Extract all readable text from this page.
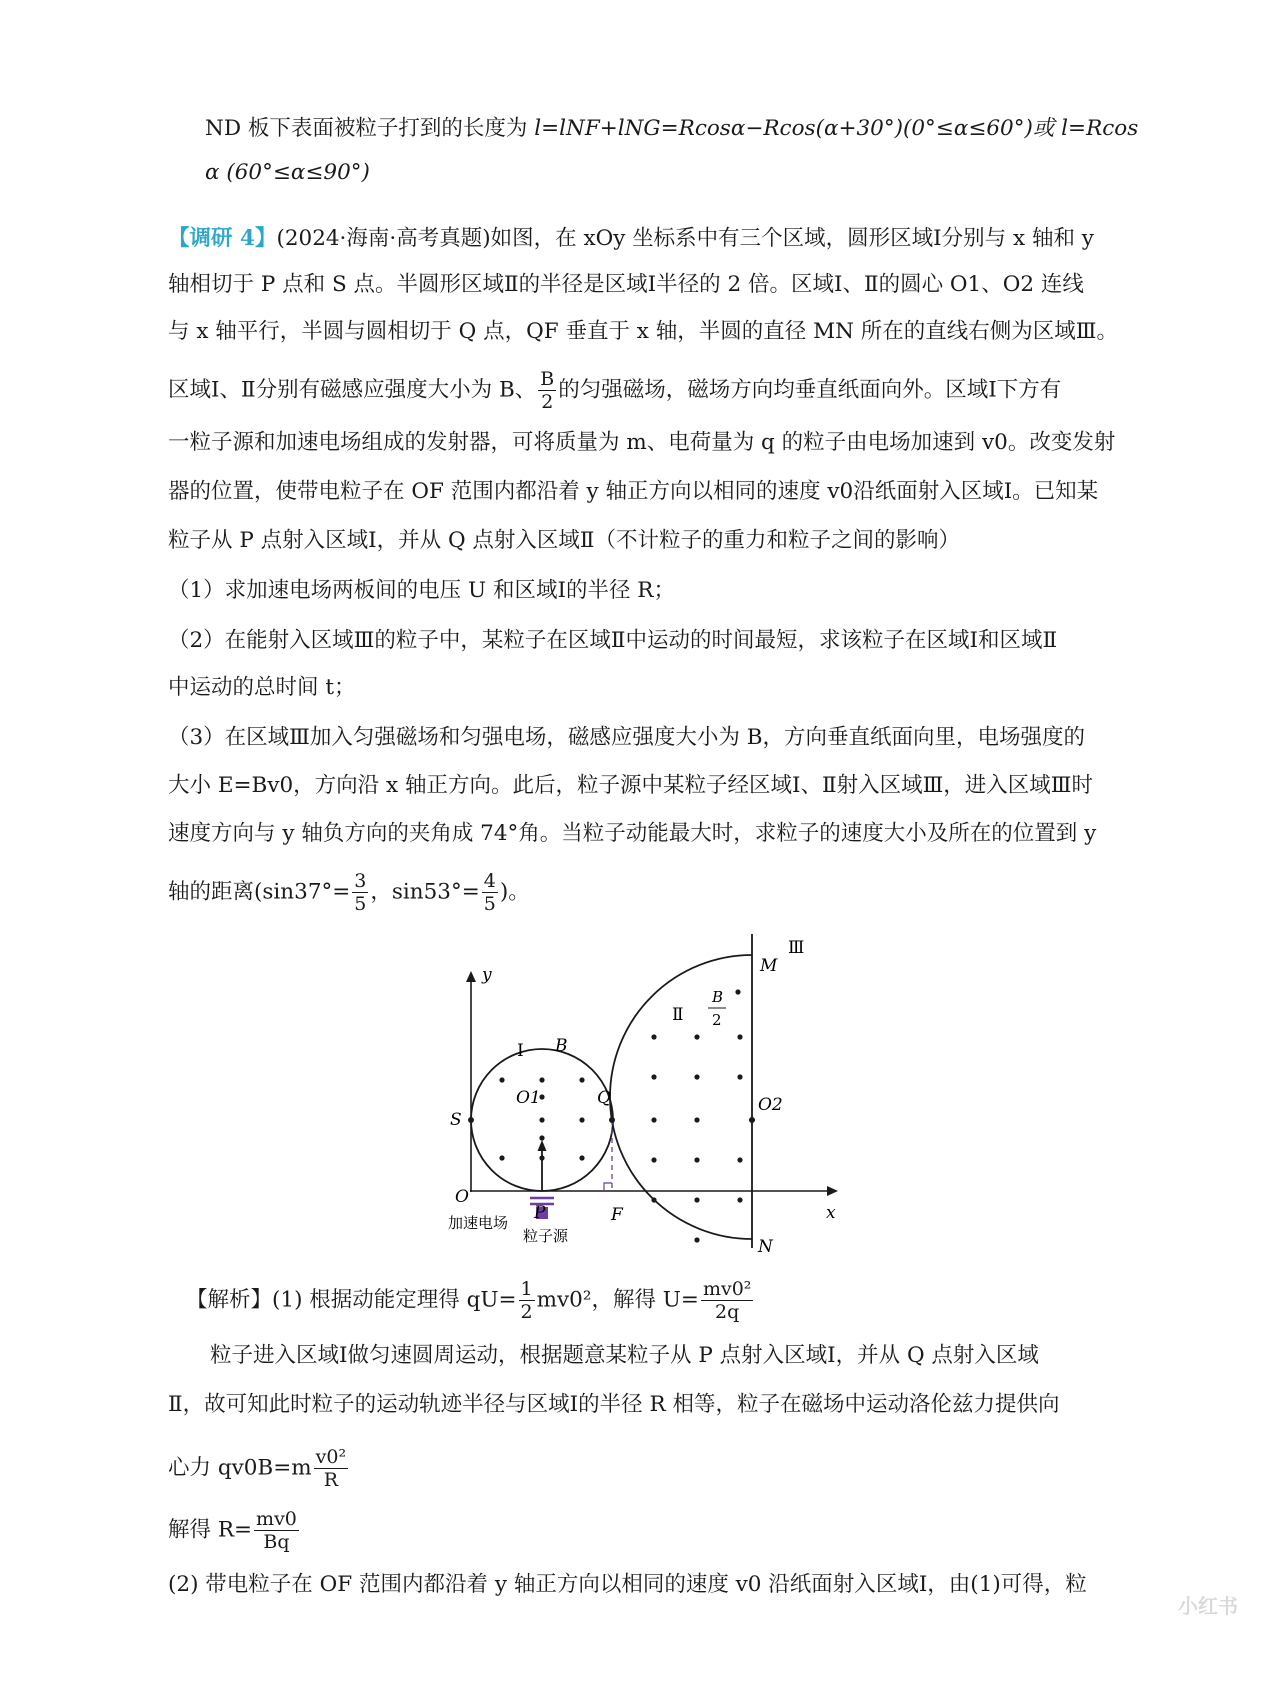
ND 板下表面被粒子打到的长度为 l=lNF+lNG=Rcosα−Rcos(α+30°)(0°≤α≤60°)或 l=Rcos
α (60°≤α≤90°)
【调研 4】(2024·海南·高考真题)如图，在 xOy 坐标系中有三个区域，圆形区域Ⅰ分别与 x 轴和 y
轴相切于 P 点和 S 点。半圆形区域Ⅱ的半径是区域Ⅰ半径的 2 倍。区域Ⅰ、Ⅱ的圆心 O1、O2 连线
与 x 轴平行，半圆与圆相切于 Q 点，QF 垂直于 x 轴，半圆的直径 MN 所在的直线右侧为区域Ⅲ。
区域Ⅰ、Ⅱ分别有磁感应强度大小为 B、 $\frac{B}{2}$ 的匀强磁场，磁场方向均垂直纸面向外。区域Ⅰ下方有
一粒子源和加速电场组成的发射器，可将质量为 m、电荷量为 q 的粒子由电场加速到 v0。改变发射
器的位置，使带电粒子在 OF 范围内都沿着 y 轴正方向以相同的速度 v0沿纸面射入区域Ⅰ。已知某
粒子从 P 点射入区域Ⅰ，并从 Q 点射入区域Ⅱ（不计粒子的重力和粒子之间的影响）
（1）求加速电场两板间的电压 U 和区域Ⅰ的半径 R；
（2）在能射入区域Ⅲ的粒子中，某粒子在区域Ⅱ中运动的时间最短，求该粒子在区域Ⅰ和区域Ⅱ
中运动的总时间 t；
（3）在区域Ⅲ加入匀强磁场和匀强电场，磁感应强度大小为 B，方向垂直纸面向里，电场强度的
大小 E=Bv0，方向沿 x 轴正方向。此后，粒子源中某粒子经区域Ⅰ、Ⅱ射入区域Ⅲ，进入区域Ⅲ时
速度方向与 y 轴负方向的夹角成 74°角。当粒子动能最大时，求粒子的速度大小及所在的位置到 y
轴的距离($\sin 37^\circ= \frac{3}{5}$ ，$\sin 53^\circ= \frac{4}{5}$ )。
y
x
O
S
P
Q
F
O1	O2
M
N
Ⅰ B
Ⅱ
B
2
Ⅲ
加速电场
粒子源
【解析】(1) 根据动能定理得 $qU= \frac{1}{2} mv0^2$，解得 $U= \frac{\text{mv0²}}{2q}$
粒子进入区域Ⅰ做匀速圆周运动，根据题意某粒子从 P 点射入区域Ⅰ，并从 Q 点射入区域
Ⅱ，故可知此时粒子的运动轨迹半径与区域Ⅰ的半径 R 相等，粒子在磁场中运动洛伦兹力提供向
心力 $qv0B=m \frac{\text{v0²}}{R}$
解得 $R= \frac{mv0}{Bq}$
(2) 带电粒子在 OF 范围内都沿着 y 轴正方向以相同的速度 v0 沿纸面射入区域Ⅰ，由(1)可得，粒
小红书
